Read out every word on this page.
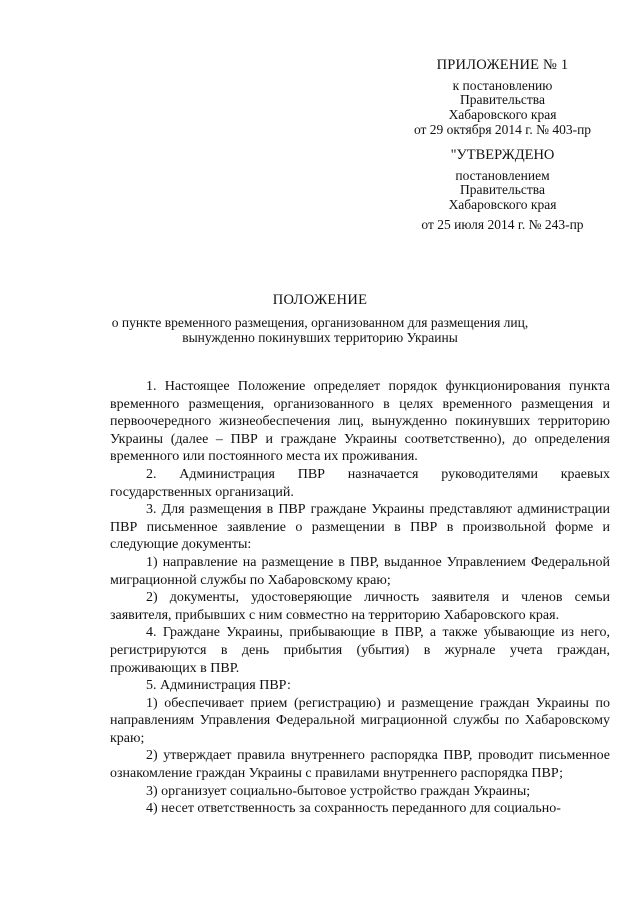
ПРИЛОЖЕНИЕ № 1
к постановлению
Правительства
Хабаровского края
от 29 октября 2014 г. № 403-пр
"УТВЕРЖДЕНО
постановлением
Правительства
Хабаровского края
от 25 июля 2014 г. № 243-пр
ПОЛОЖЕНИЕ
о пункте временного размещения, организованном для размещения лиц,
вынужденно покинувших территорию Украины

1. Настоящее Положение определяет порядок функционирования пункта временного размещения, организованного в целях временного размещения и первоочередного жизнеобеспечения лиц, вынужденно покинувших территорию Украины (далее – ПВР и граждане Украины соответственно), до определения временного или постоянного места их проживания.

2. Администрация ПВР назначается руководителями краевых государственных организаций.

3. Для размещения в ПВР граждане Украины представляют администрации ПВР письменное заявление о размещении в ПВР в произвольной форме и следующие документы:

1) направление на размещение в ПВР, выданное Управлением Федеральной миграционной службы по Хабаровскому краю;

2) документы, удостоверяющие личность заявителя и членов семьи заявителя, прибывших с ним совместно на территорию Хабаровского края.

4. Граждане Украины, прибывающие в ПВР, а также убывающие из него, регистрируются в день прибытия (убытия) в журнале учета граждан, проживающих в ПВР.

5. Администрация ПВР:

1) обеспечивает прием (регистрацию) и размещение граждан Украины по направлениям Управления Федеральной миграционной службы по Хабаровскому краю;

2) утверждает правила внутреннего распорядка ПВР, проводит письменное ознакомление граждан Украины с правилами внутреннего распорядка ПВР;

3) организует социально-бытовое устройство граждан Украины;

4) несет ответственность за сохранность переданного для социально-
